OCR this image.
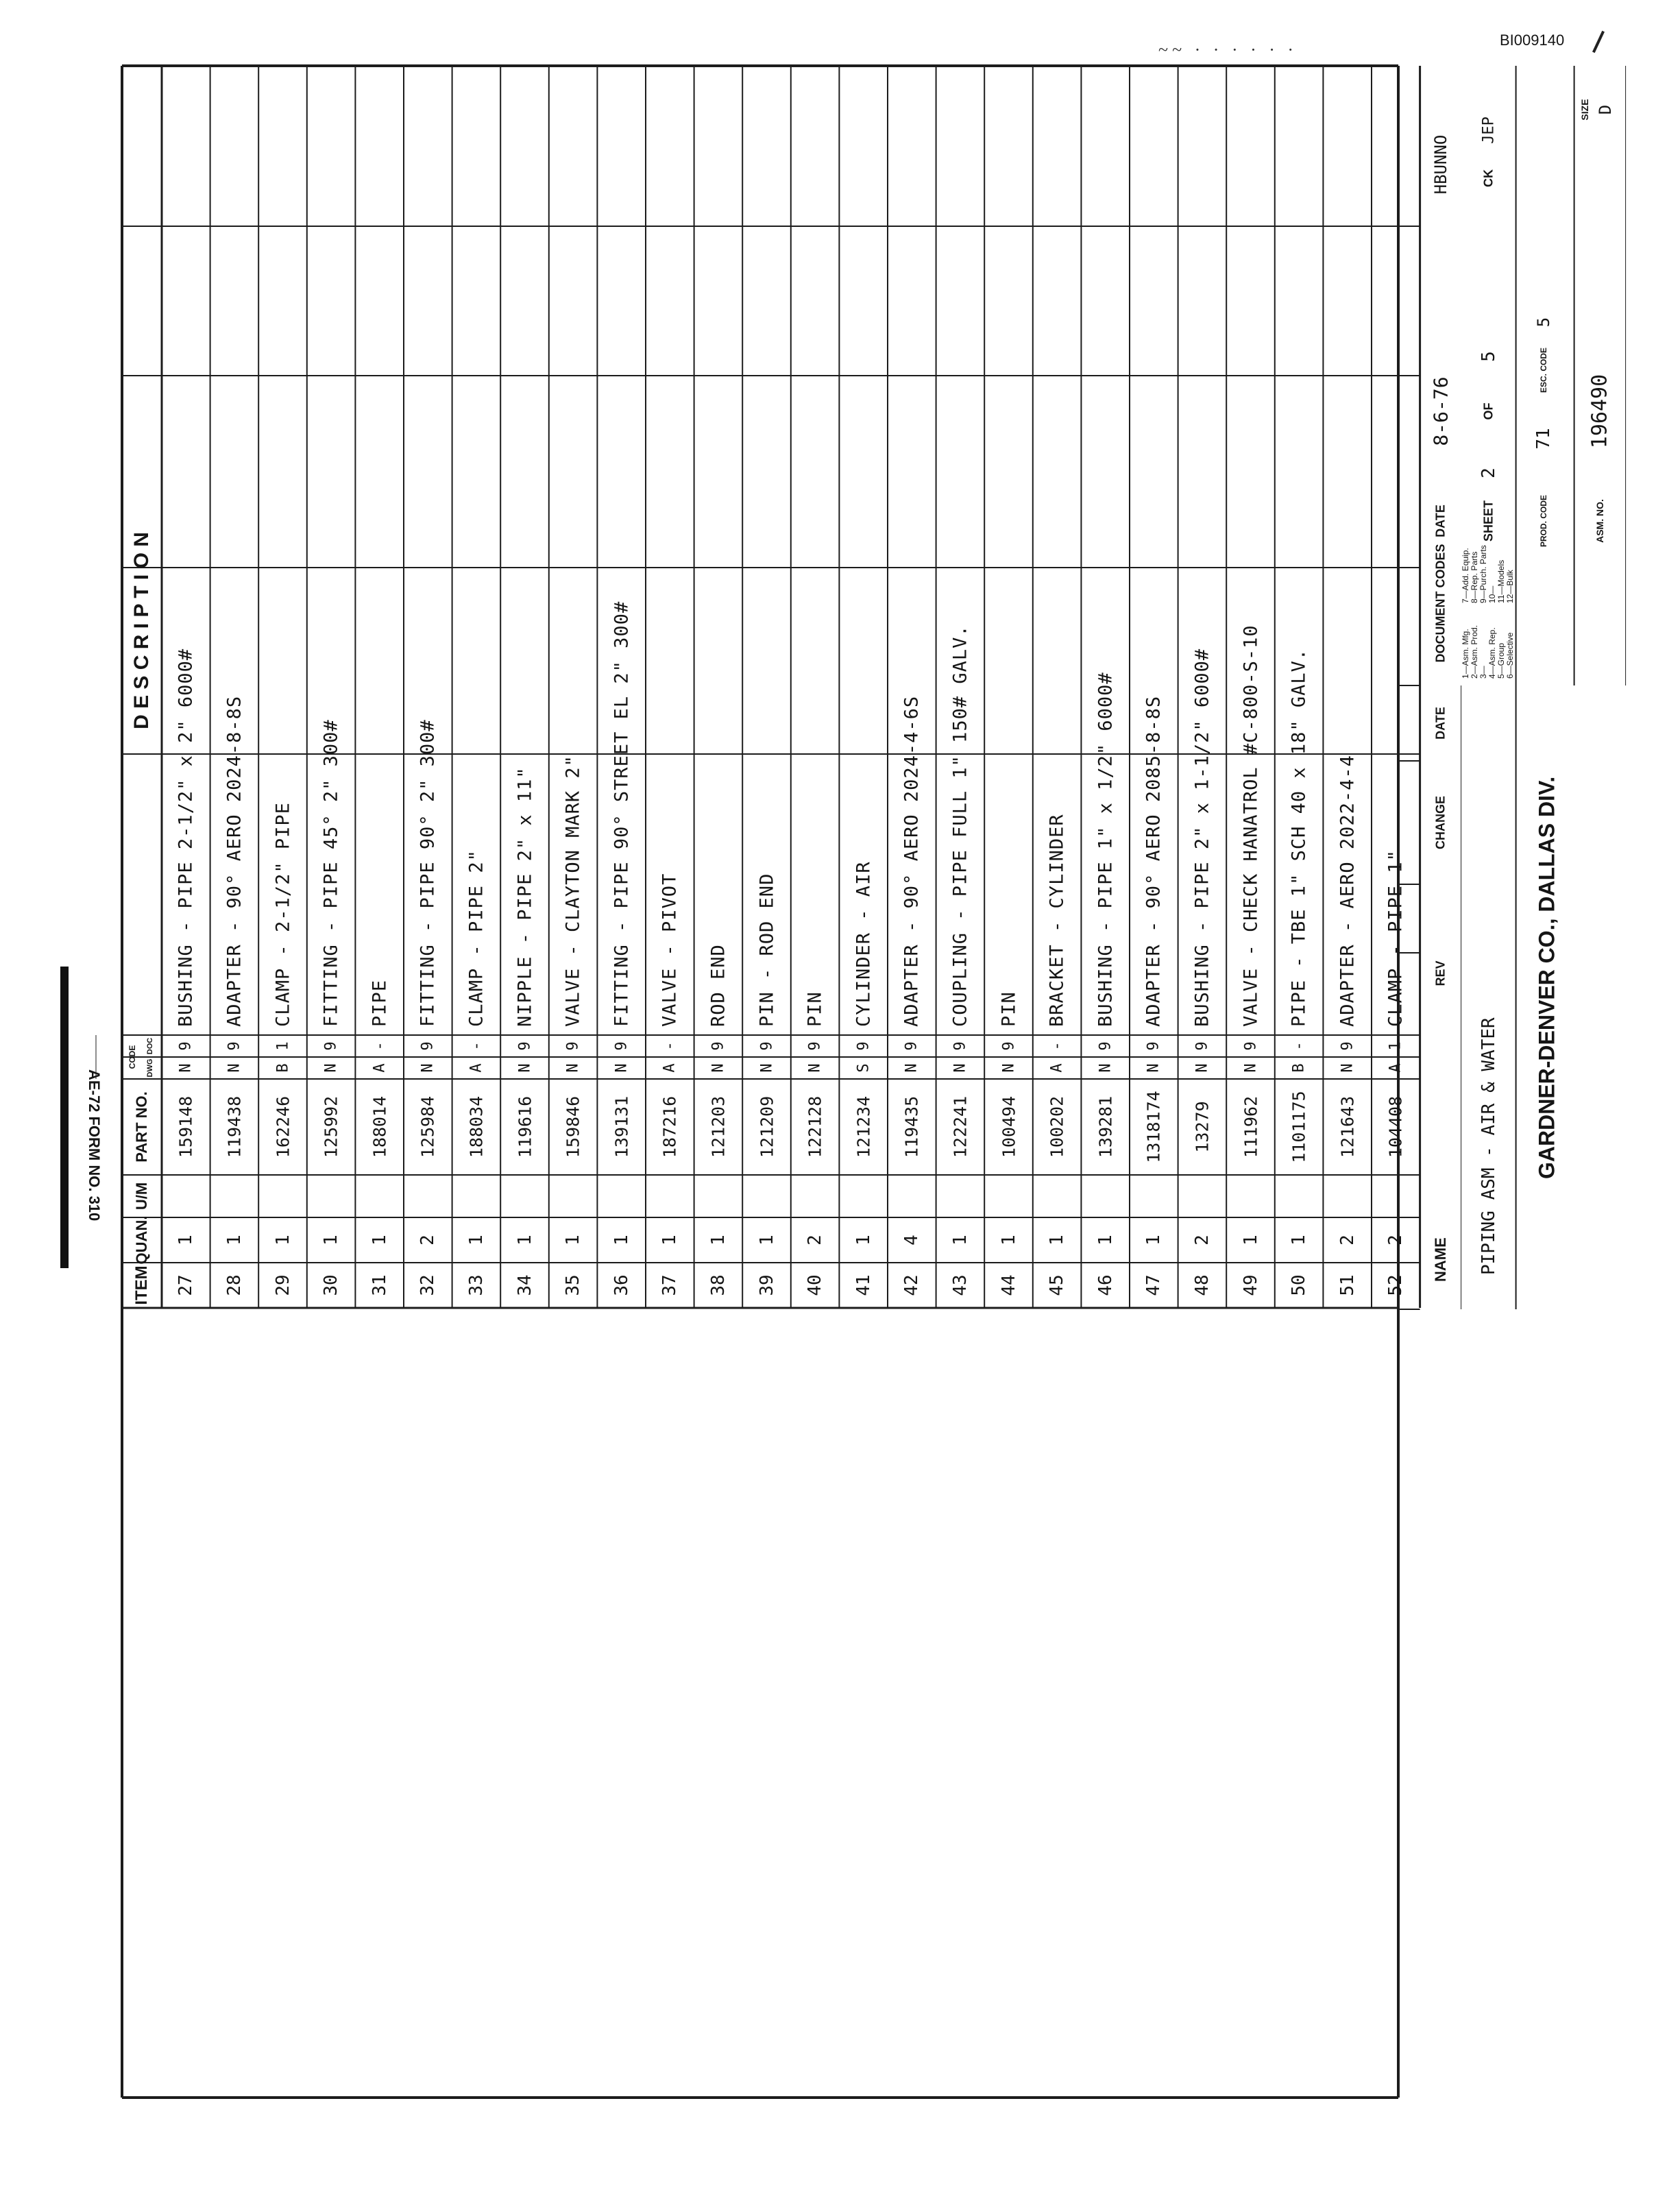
~~ · · · · · ·	BI009140
AE-72 FORM NO. 310
ITEM
QUAN.
U/M
PART NO.
CODE DWG
DOC
D E S C R I P T I O N
27
1
159148
N
9
BUSHING - PIPE 2-1/2" x 2" 6000#
28
1
119438
N
9
ADAPTER - 90° AERO 2024-8-8S
29
1
162246
B
1
CLAMP - 2-1/2" PIPE
30
1
125992
N
9
FITTING - PIPE 45° 2" 300#
31
1
188014
A
-
PIPE
32
2
125984
N
9
FITTING - PIPE 90° 2" 300#
33
1
188034
A
-
CLAMP - PIPE 2"
34
1
119616
N
9
NIPPLE - PIPE 2" x 11"
35
1
159846
N
9
VALVE - CLAYTON MARK 2"
36
1
139131
N
9
FITTING - PIPE 90° STREET EL 2" 300#
37
1
187216
A
-
VALVE - PIVOT
38
1
121203
N
9
ROD END
39
1
121209
N
9
PIN - ROD END
40
2
122128
N
9
PIN
41
1
121234
S
9
CYLINDER - AIR
42
4
119435
N
9
ADAPTER - 90° AERO 2024-4-6S
43
1
122241
N
9
COUPLING - PIPE FULL 1" 150# GALV.
44
1
100494
N
9
PIN
45
1
100202
A
-
BRACKET - CYLINDER
46
1
139281
N
9
BUSHING - PIPE 1" x 1/2" 6000#
47
1
1318174
N
9
ADAPTER - 90° AERO 2085-8-8S
48
2
13279
N
9
BUSHING - PIPE 2" x 1-1/2" 6000#
49
1
111962
N
9
VALVE - CHECK HANATROL #C-800-S-10
50
1
1101175
B
-
PIPE - TBE 1" SCH 40 x 18" GALV.
51
2
121643
N
9
ADAPTER - AERO 2022-4-4
52
2
104408
A
1
CLAMP - PIPE 1"
NAME PIPING ASM - AIR & WATER GARDNER-DENVER CO., DALLAS DIV.
REV
CHANGE
DATE
DOCUMENT CODES 1—Asm. Mfg. 2—Asm. Prod. 3— 4—Asm. Rep. 5—Group 6—Selective
7—Add. Equip. 8—Rep. Parts 9—Purch. Parts 10— 11—Models 12—Bulk
DATE
8-6-76
SHEET
2
OF
5
PROD. CODE
71
ESC. CODE
5
ASM. NO.
196490
HBUNNO	CK
JEP
SIZE D
